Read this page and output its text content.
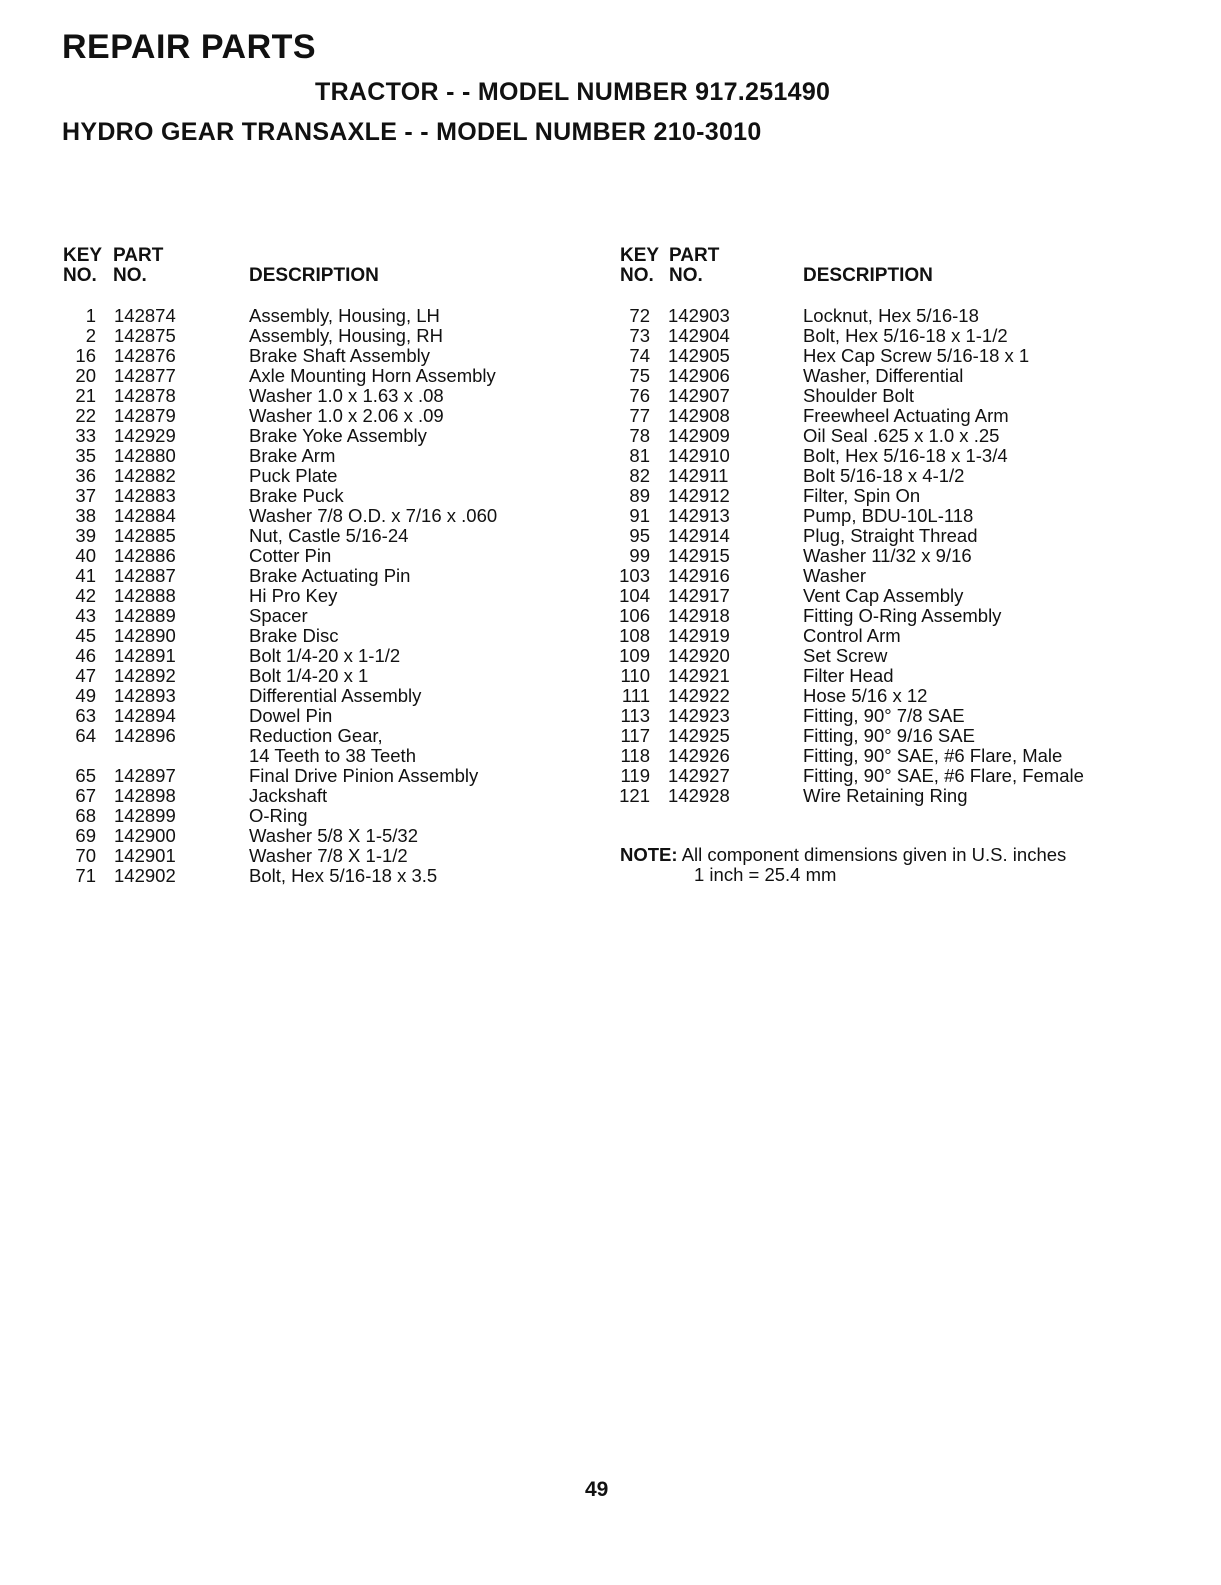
REPAIR PARTS
TRACTOR - - MODEL NUMBER 917.251490
HYDRO GEAR TRANSAXLE - - MODEL NUMBER 210-3010
KEY
NO.
PART
NO.	DESCRIPTION
KEY
NO.
PART
NO.	DESCRIPTION
1 142874	Assembly, Housing, LH
2 142875	Assembly, Housing, RH
16 142876	Brake Shaft Assembly
20 142877	Axle Mounting Horn Assembly
21 142878	Washer 1.0 x 1.63 x .08
22 142879	Washer 1.0 x 2.06 x .09
33 142929	Brake Yoke Assembly
35 142880	Brake Arm
36 142882	Puck Plate
37 142883	Brake Puck
38 142884	Washer 7/8 O.D. x 7/16 x .060
39 142885	Nut, Castle 5/16-24
40 142886	Cotter Pin
41 142887	Brake Actuating Pin
42 142888	Hi Pro Key
43 142889	Spacer
45 142890	Brake Disc
46 142891	Bolt 1/4-20 x 1-1/2
47 142892	Bolt 1/4-20 x 1
49 142893	Differential Assembly
63 142894	Dowel Pin
64 142896	Reduction Gear,
14 Teeth to 38 Teeth
65 142897	Final Drive Pinion Assembly
67 142898	Jackshaft
68 142899	O-Ring
69 142900	Washer 5/8 X 1-5/32
70 142901	Washer 7/8 X 1-1/2
71 142902	Bolt, Hex 5/16-18 x 3.5
72 142903	Locknut, Hex 5/16-18
73 142904	Bolt, Hex 5/16-18 x 1-1/2
74 142905	Hex Cap Screw 5/16-18 x 1
75 142906	Washer, Differential
76 142907	Shoulder Bolt
77 142908	Freewheel Actuating Arm
78 142909	Oil Seal .625 x 1.0 x .25
81 142910	Bolt, Hex 5/16-18 x 1-3/4
82 142911	Bolt 5/16-18 x 4-1/2
89 142912	Filter, Spin On
91 142913	Pump, BDU-10L-118
95 142914	Plug, Straight Thread
99 142915	Washer 11/32 x 9/16
103 142916	Washer
104 142917	Vent Cap Assembly
106 142918	Fitting O-Ring Assembly
108 142919	Control Arm
109 142920	Set Screw
110 142921	Filter Head
111 142922	Hose 5/16 x 12
113 142923	Fitting, 90° 7/8 SAE
117 142925	Fitting, 90° 9/16 SAE
118 142926	Fitting, 90° SAE, #6 Flare, Male
119 142927	Fitting, 90° SAE, #6 Flare, Female
121 142928	Wire Retaining Ring
NOTE: All component dimensions given in U.S. inches
1 inch = 25.4 mm
49
